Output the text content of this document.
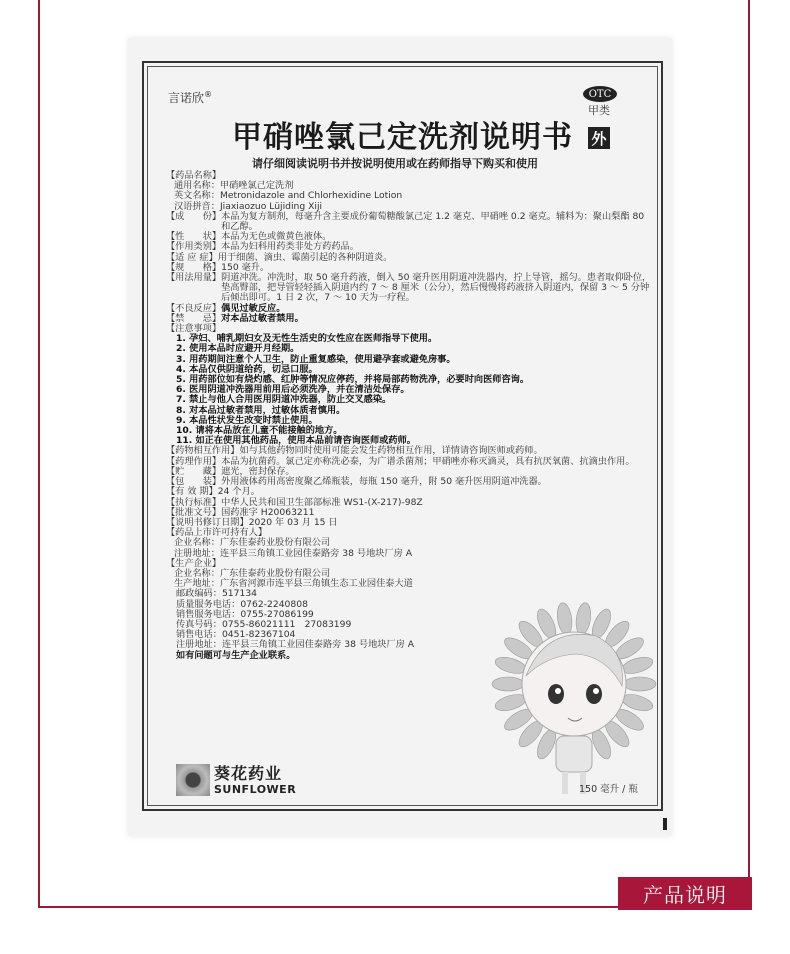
产品说明
言诺欣®	OTC
甲类
外
甲硝唑氯己定洗剂说明书
请仔细阅读说明书并按说明使用或在药师指导下购买和使用
【药品名称】
通用名称： 甲硝唑氯己定洗剂
英文名称： Metronidazole and Chlorhexidine Lotion
汉语拼音： Jiaxiaozuo Lüjiding Xiji
【成　　份】 本品为复方制剂，每毫升含主要成份葡萄糖酸氯己定 1.2 毫克、甲硝唑 0.2 毫克。辅料为：聚山梨酯 80 和乙醇。
【性　　状】 本品为无色或微黄色液体。
【作用类别】 本品为妇科用药类非处方药药品。
【适 应 症】 用于细菌、滴虫、霉菌引起的各种阴道炎。
【规　　格】 150 毫升。
【用法用量】 阴道冲洗。冲洗时，取 50 毫升药液，倒入 50 毫升医用阴道冲洗器内，拧上导管，摇匀。患者取仰卧位，垫高臀部，把导管轻轻插入阴道内约 7 ～ 8 厘米（公分），然后慢慢将药液挤入阴道内，保留 3 ～ 5 分钟后倾出即可。1 日 2 次，7 ～ 10 天为一疗程。
【不良反应】 偶见过敏反应。
【禁　　忌】 对本品过敏者禁用。
【注意事项】
1. 孕妇、哺乳期妇女及无性生活史的女性应在医师指导下使用。
2. 使用本品时应避开月经期。
3. 用药期间注意个人卫生，防止重复感染，使用避孕套或避免房事。
4. 本品仅供阴道给药，切忌口服。
5. 用药部位如有烧灼感、红肿等情况应停药，并将局部药物洗净，必要时向医师咨询。
6. 医用阴道冲洗器用前用后必须洗净，并在清洁处保存。
7. 禁止与他人合用医用阴道冲洗器，防止交叉感染。
8. 对本品过敏者禁用，过敏体质者慎用。
9. 本品性状发生改变时禁止使用。
10. 请将本品放在儿童不能接触的地方。
11. 如正在使用其他药品，使用本品前请咨询医师或药师。
【药物相互作用】 如与其他药物同时使用可能会发生药物相互作用，详情请咨询医师或药师。
【药理作用】 本品为抗菌药。氯己定亦称洗必泰，为广谱杀菌剂；甲硝唑亦称灭滴灵，具有抗厌氧菌、抗滴虫作用。
【贮　　藏】 遮光，密封保存。
【包　　装】 外用液体药用高密度聚乙烯瓶装，每瓶 150 毫升，附 50 毫升医用阴道冲洗器。
【有 效 期】 24 个月。
【执行标准】 中华人民共和国卫生部部标准 WS1-(X-217)-98Z
【批准文号】 国药准字 H20063211
【说明书修订日期】 2020 年 03 月 15 日
【药品上市许可持有人】
企业名称： 广东佳泰药业股份有限公司
注册地址： 连平县三角镇工业园佳泰路旁 38 号地块厂房 A
【生产企业】
企业名称： 广东佳泰药业股份有限公司
生产地址： 广东省河源市连平县三角镇生态工业园佳泰大道
邮政编码： 517134
质量服务电话： 0762-2240808
销售服务电话： 0755-27086199
传真号码： 0755-86021111　27083199
销售电话： 0451-82367104
注册地址： 连平县三角镇工业园佳泰路旁 38 号地块厂房 A
如有问题可与生产企业联系。
葵花药业
SUNFLOWER	150 毫升 / 瓶
